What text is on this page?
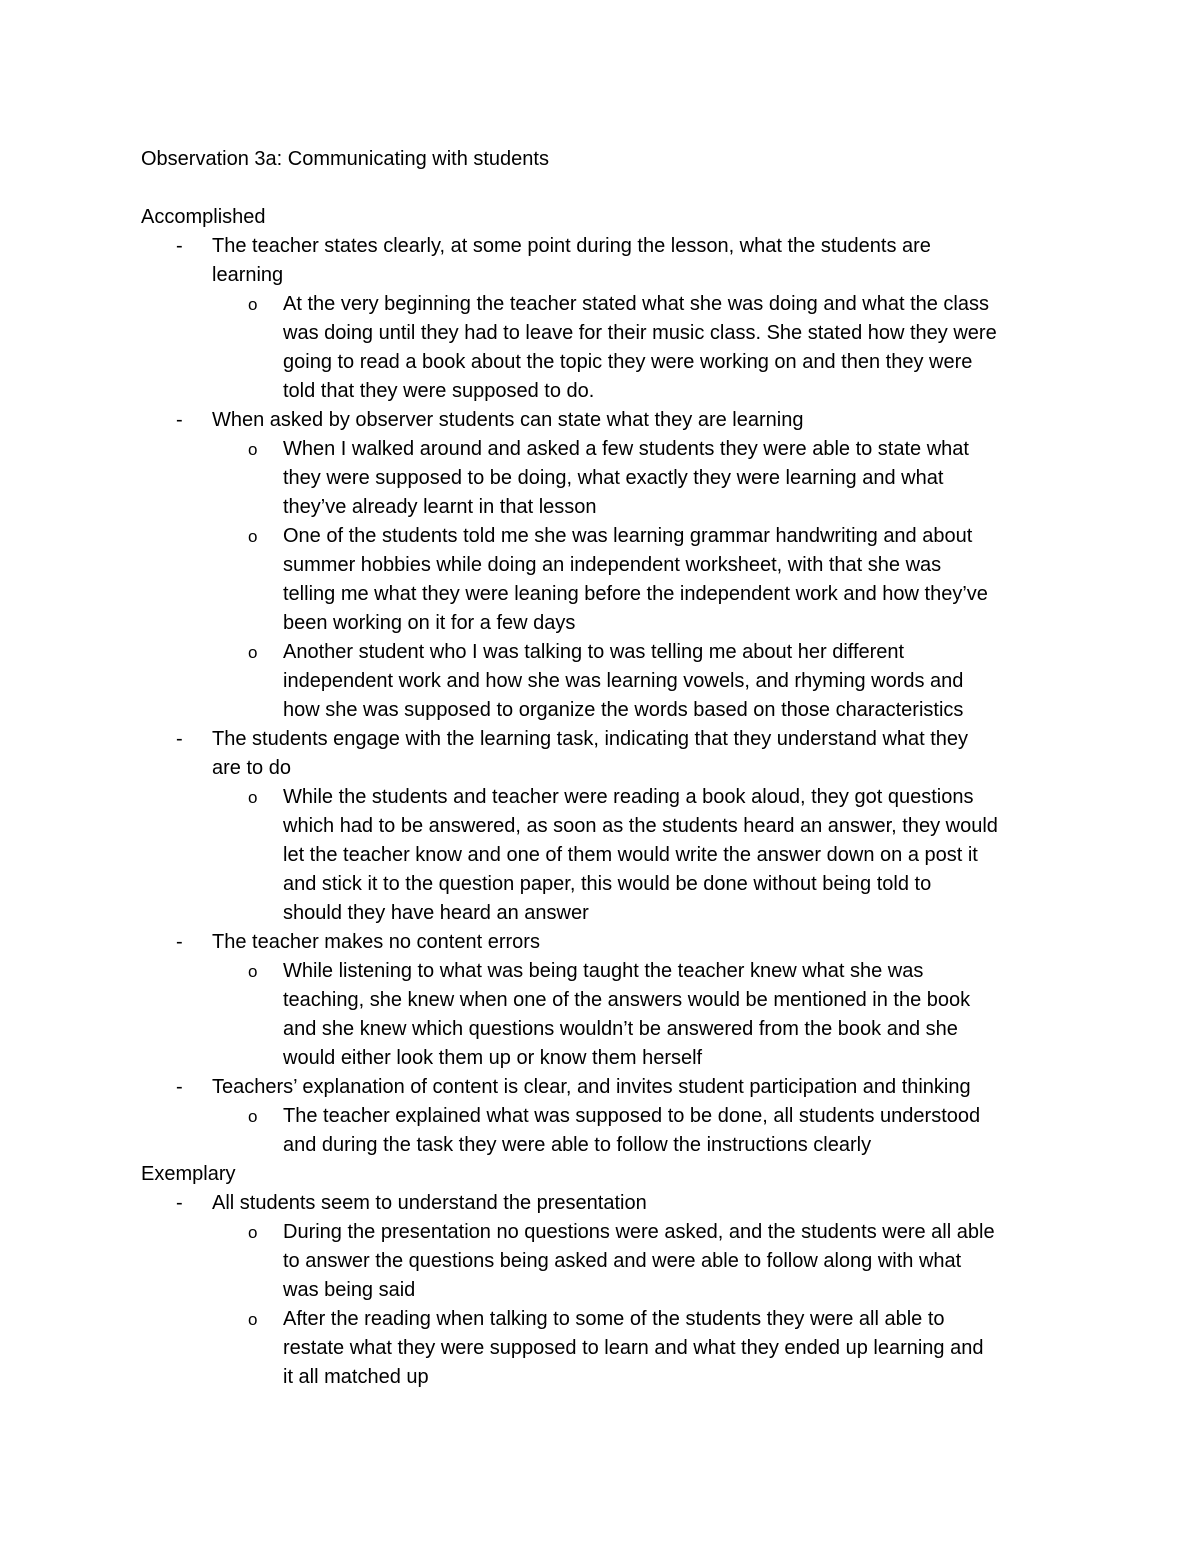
Observation 3a: Communicating with students
Accomplished
- The teacher states clearly, at some point during the lesson, what the students are
learning
o At the very beginning the teacher stated what she was doing and what the class
was doing until they had to leave for their music class. She stated how they were
going to read a book about the topic they were working on and then they were
told that they were supposed to do.
- When asked by observer students can state what they are learning
o When I walked around and asked a few students they were able to state what
they were supposed to be doing, what exactly they were learning and what
they’ve already learnt in that lesson
o One of the students told me she was learning grammar handwriting and about
summer hobbies while doing an independent worksheet, with that she was
telling me what they were leaning before the independent work and how they’ve
been working on it for a few days
o Another student who I was talking to was telling me about her different
independent work and how she was learning vowels, and rhyming words and
how she was supposed to organize the words based on those characteristics
- The students engage with the learning task, indicating that they understand what they
are to do
o While the students and teacher were reading a book aloud, they got questions
which had to be answered, as soon as the students heard an answer, they would
let the teacher know and one of them would write the answer down on a post it
and stick it to the question paper, this would be done without being told to
should they have heard an answer
- The teacher makes no content errors
o While listening to what was being taught the teacher knew what she was
teaching, she knew when one of the answers would be mentioned in the book
and she knew which questions wouldn’t be answered from the book and she
would either look them up or know them herself
- Teachers’ explanation of content is clear, and invites student participation and thinking
o The teacher explained what was supposed to be done, all students understood
and during the task they were able to follow the instructions clearly
Exemplary
- All students seem to understand the presentation
o During the presentation no questions were asked, and the students were all able
to answer the questions being asked and were able to follow along with what
was being said
o After the reading when talking to some of the students they were all able to
restate what they were supposed to learn and what they ended up learning and
it all matched up
